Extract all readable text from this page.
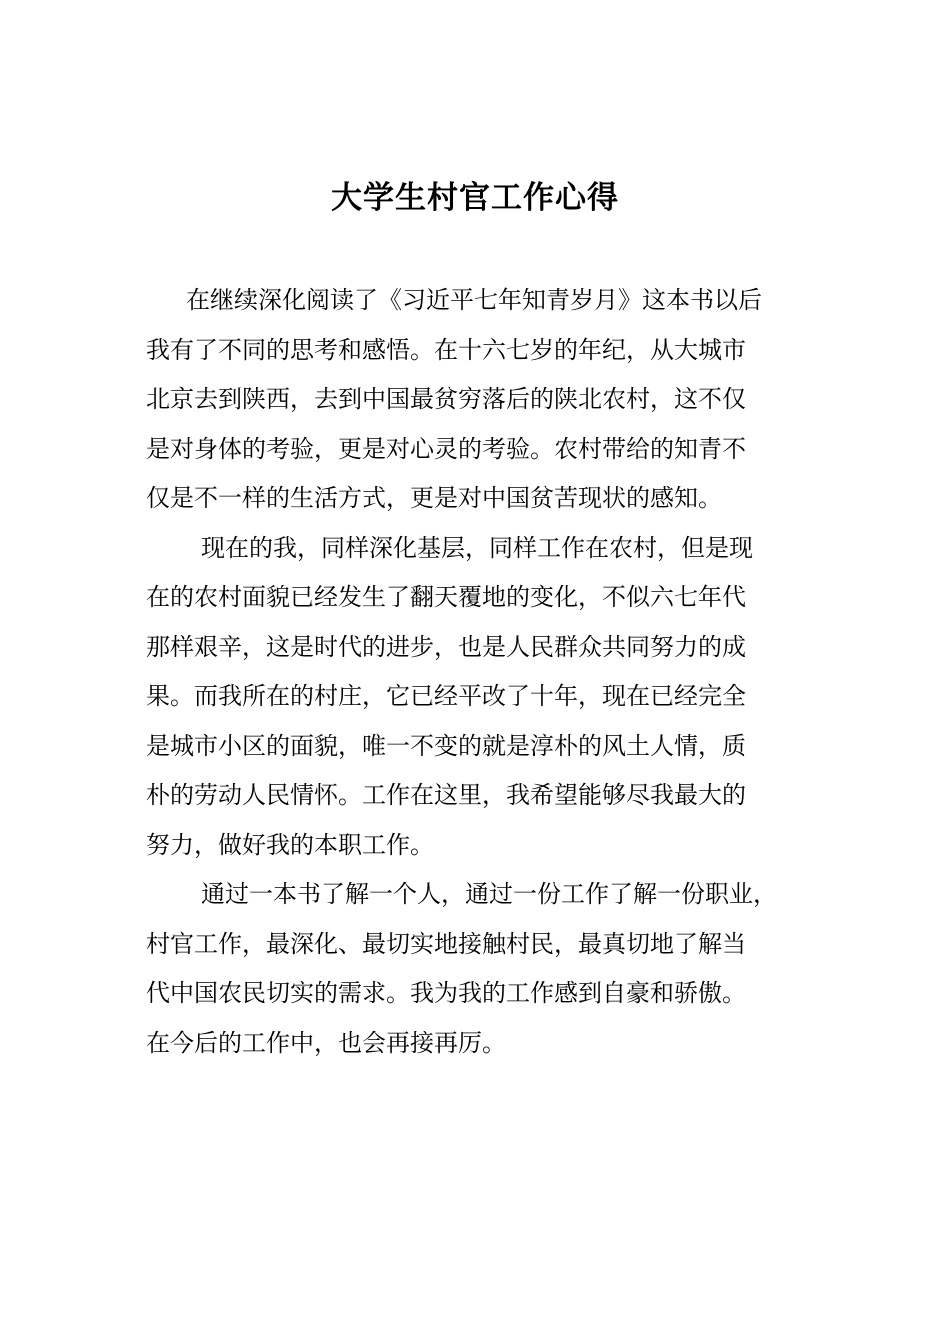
大学生村官工作心得
在继续深化阅读了《习近平七年知青岁月》这本书以后
我有了不同的思考和感悟。在十六七岁的年纪，从大城市
北京去到陕西，去到中国最贫穷落后的陕北农村，这不仅
是对身体的考验，更是对心灵的考验。农村带给的知青不
仅是不一样的生活方式，更是对中国贫苦现状的感知。
现在的我，同样深化基层，同样工作在农村，但是现
在的农村面貌已经发生了翻天覆地的变化，不似六七年代
那样艰辛，这是时代的进步，也是人民群众共同努力的成
果。而我所在的村庄，它已经平改了十年，现在已经完全
是城市小区的面貌，唯一不变的就是淳朴的风土人情，质
朴的劳动人民情怀。工作在这里，我希望能够尽我最大的
努力，做好我的本职工作。
通过一本书了解一个人，通过一份工作了解一份职业，
村官工作，最深化、最切实地接触村民，最真切地了解当
代中国农民切实的需求。我为我的工作感到自豪和骄傲。
在今后的工作中，也会再接再厉。
